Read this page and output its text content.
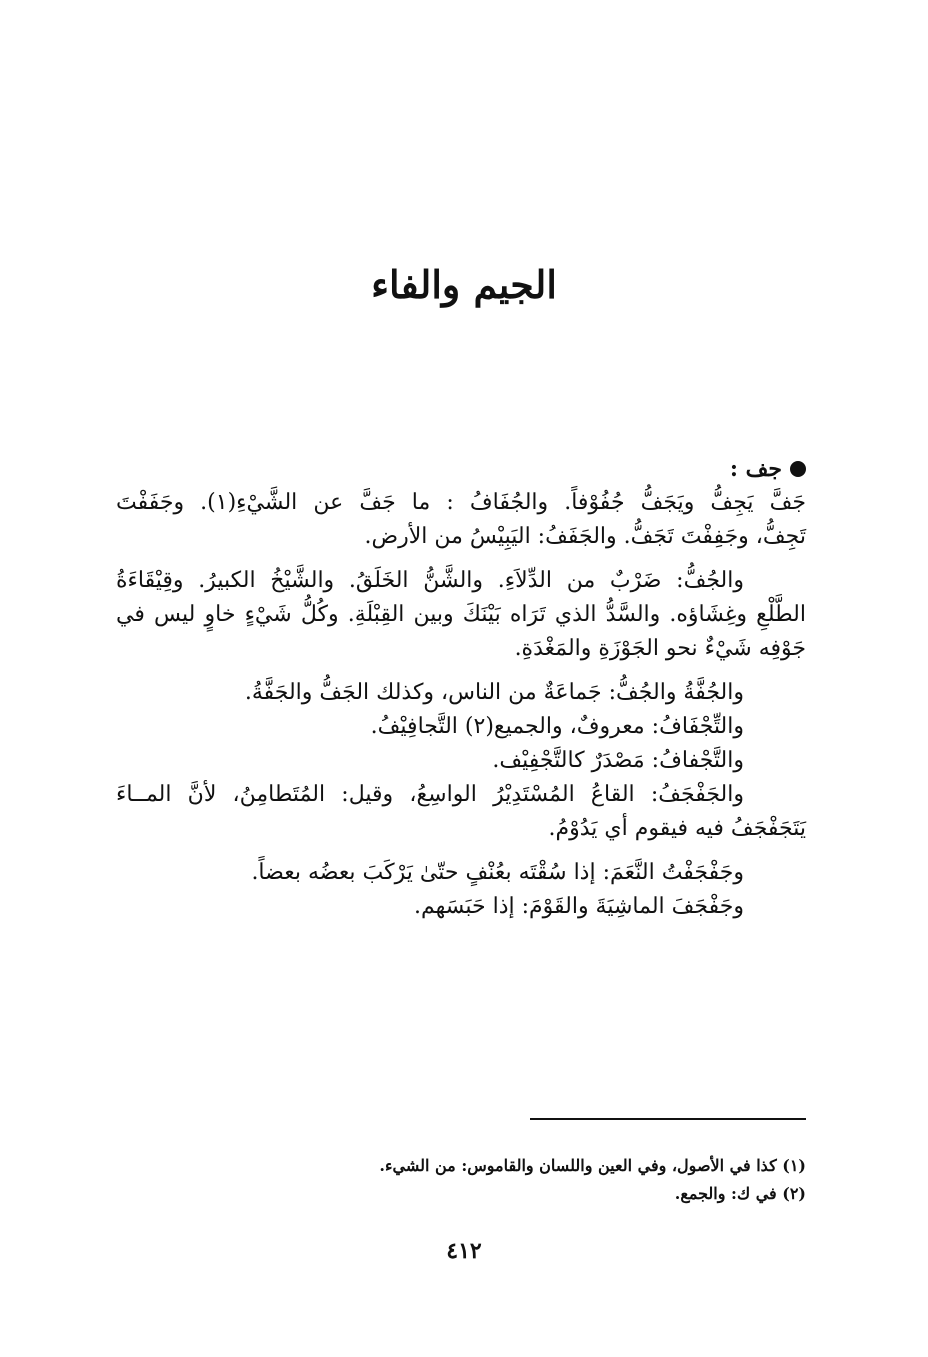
الجيم والفاء
جف :

جَفَّ يَجِفُّ ويَجَفُّ جُفُوْفاً. والجُفَافُ : ما جَفَّ عن الشَّيْءِ(١). وجَفَفْتَ
تَجِفُّ، وجَفِفْتَ تَجَفُّ. والجَفَفُ: اليَبِيْسُ من الأرض.

والجُفُّ: ضَرْبٌ من الدِّلاَءِ. والشَّنُّ الخَلَقُ. والشَّيْخُ الكبيرُ. وقِيْقَاءَةُ
الطَّلْعِ وغِشَاؤه. والسَّدُّ الذي تَرَاه بَيْنَكَ وبين القِبْلَةِ. وكُلُّ شَيْءٍ خاوٍ ليس في
جَوْفِه شَيْءٌ نحو الجَوْزَةِ والمَغْدَةِ.

والجُفَّةُ والجُفُّ: جَماعَةٌ من الناس، وكذلك الجَفُّ والجَفَّةُ.
والتِّجْفَافُ: معروفٌ، والجميع(٢) التَّجافِيْفُ.
والتَّجْفافُ: مَصْدَرٌ كالتَّجْفِيْف.

والجَفْجَفُ: القاعُ المُسْتَدِيْرُ الواسِعُ، وقيل: المُتَطامِنُ، لأنَّ المــاءَ
يَتَجَفْجَفُ فيه فيقوم أي يَدُوْمُ.

وجَفْجَفْتُ النَّعَمَ: إذا سُقْتَه بعُنْفٍ حتّىٰ يَرْكَبَ بعضُه بعضاً.
وجَفْجَفَ الماشِيَةَ والقَوْمَ: إذا حَبَسَهم.

(١) كذا في الأصول، وفي العين واللسان والقاموس: من الشيء.
(٢) في ك: والجمع.
٤١٢
